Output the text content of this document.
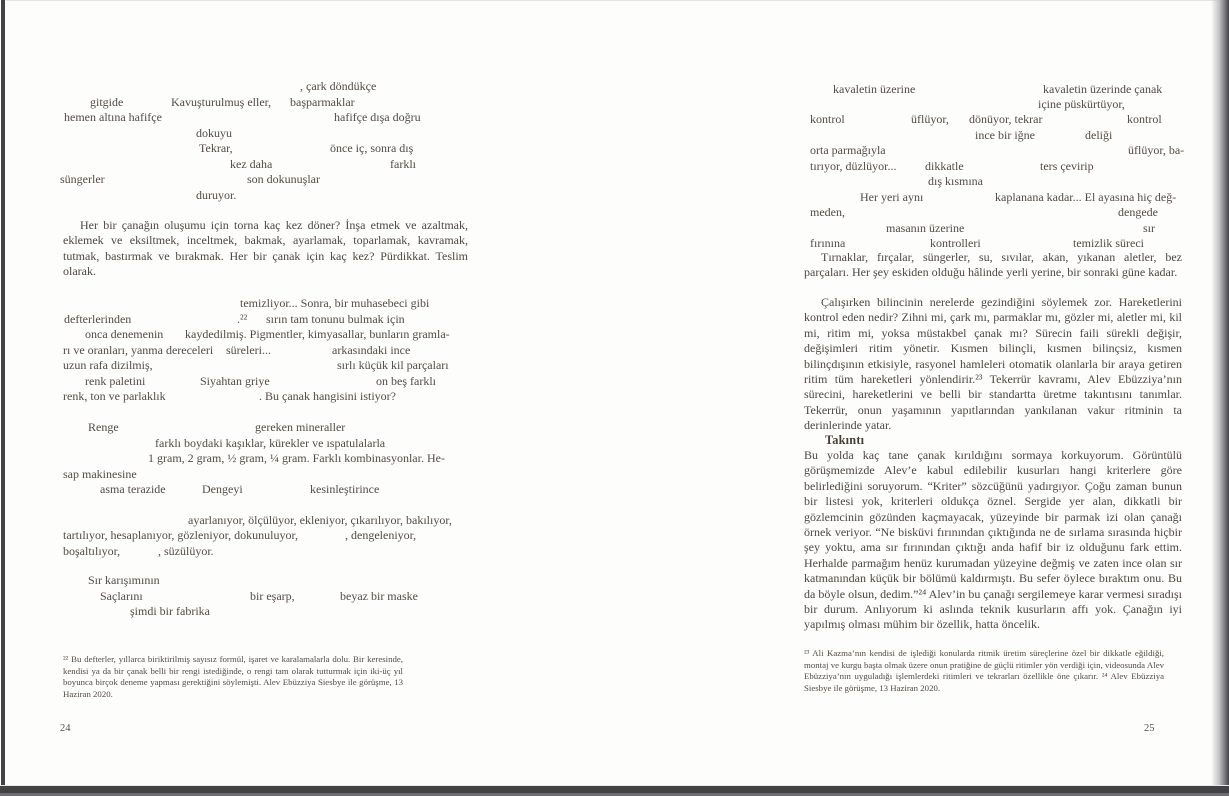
24	25
, çark döndükçe
gitgide	Kavuşturulmuş eller, başparmaklar
hemen altına hafifçe	hafifçe dışa doğru
dokuyu
Tekrar,	önce iç, sonra dış
kez daha	farklı
süngerler	son dokunuşlar
duruyor.
Her bir çanağın oluşumu için torna kaç kez döner? İnşa etmek ve azaltmak, eklemek ve eksiltmek, inceltmek, bakmak, ayarlamak, toparlamak, kavramak, tutmak, bastırmak ve bırakmak. Her bir çanak için kaç kez? Pürdikkat. Teslim olarak.
temizliyor... Sonra, bir muhasebeci gibi
defterlerinden	.²² sırın tam tonunu bulmak için
onca denemenin kaydedilmiş. Pigmentler, kimyasallar, bunların gramla-
rı ve oranları, yanma dereceleri süreleri...	arkasındaki ince
uzun rafa dizilmiş,	sırlı küçük kil parçaları
renk paletini	Siyahtan griye	on beş farklı
renk, ton ve parlaklık	. Bu çanak hangisini istiyor?
Renge	gereken mineraller
farklı boydaki kaşıklar, kürekler ve ıspatulalarla
1 gram, 2 gram, ½ gram, ¼ gram. Farklı kombinasyonlar. He-
sap makinesine
asma terazide	Dengeyi	kesinleştirince
ayarlanıyor, ölçülüyor, ekleniyor, çıkarılıyor, bakılıyor,
tartılıyor, hesaplanıyor, gözleniyor, dokunuluyor,	, dengeleniyor,
boşaltılıyor,	, süzülüyor.
Sır karışımının
Saçlarını	bir eşarp,	beyaz bir maske
şimdi bir fabrika
²² Bu defterler, yıllarca biriktirilmiş sayısız formül, işaret ve karalamalarla dolu. Bir keresinde, kendisi ya da bir çanak belli bir rengi istediğinde, o rengi tam olarak tutturmak için iki-üç yıl boyunca birçok deneme yapması gerektiğini söylemişti. Alev Ebüzziya Siesbye ile görüşme, 13 Haziran 2020.
kavaletin üzerine	kavaletin üzerinde çanak
içine püskürtüyor,
kontrol	üflüyor, dönüyor, tekrar	kontrol
ince bir iğne	deliği
orta parmağıyla	üflüyor, ba-
tırıyor, düzlüyor... dikkatle	ters çevirip
dış kısmına
Her yeri aynı	kaplanana kadar... El ayasına hiç değ-
meden,	dengede
masanın üzerine	sır
fırınına	kontrolleri	temizlik süreci
Tırnaklar, fırçalar, süngerler, su, sıvılar, akan, yıkanan aletler, bez parçaları. Her şey eskiden olduğu hâlinde yerli yerine, bir sonraki güne kadar.
Çalışırken bilincinin nerelerde gezindiğini söylemek zor. Hareketlerini kontrol eden nedir? Zihni mi, çark mı, parmaklar mı, gözler mi, aletler mi, kil mi, ritim mi, yoksa müstakbel çanak mı? Sürecin faili sürekli değişir, değişimleri ritim yönetir. Kısmen bilinçli, kısmen bilinçsiz, kısmen bilinçdışının etkisiyle, rasyonel hamleleri otomatik olanlarla bir araya getiren ritim tüm hareketleri yönlendirir.²³ Tekerrür kavramı, Alev Ebüzziya’nın sürecini, hareketlerini ve belli bir standartta üretme takıntısını tanımlar. Tekerrür, onun yaşamının yapıtlarından yankılanan vakur ritminin ta derinlerinde yatar.
Takıntı
Bu yolda kaç tane çanak kırıldığını sormaya korkuyorum. Görüntülü görüşmemizde Alev’e kabul edilebilir kusurları hangi kriterlere göre belirlediğini soruyorum. “Kriter” sözcüğünü yadırgıyor. Çoğu zaman bunun bir listesi yok, kriterleri oldukça öznel. Sergide yer alan, dikkatli bir gözlemcinin gözünden kaçmayacak, yüzeyinde bir parmak izi olan çanağı örnek veriyor. “Ne bisküvi fırınından çıktığında ne de sırlama sırasında hiçbir şey yoktu, ama sır fırınından çıktığı anda hafif bir iz olduğunu fark ettim. Herhalde parmağım henüz kurumadan yüzeyine değmiş ve zaten ince olan sır katmanından küçük bir bölümü kaldırmıştı. Bu sefer öylece bıraktım onu. Bu da böyle olsun, dedim.”²⁴ Alev’in bu çanağı sergilemeye karar vermesi sıradışı bir durum. Anlıyorum ki aslında teknik kusurların affı yok. Çanağın iyi yapılmış olması mühim bir özellik, hatta öncelik.
²³ Ali Kazma’nın kendisi de işlediği konularda ritmik üretim süreçlerine özel bir dikkatle eğildiği, montaj ve kurgu başta olmak üzere onun pratiğine de güçlü ritimler yön verdiği için, videosunda Alev Ebüzziya’nın uyguladığı işlemlerdeki ritimleri ve tekrarları özellikle öne çıkarır. ²⁴ Alev Ebüzziya Siesbye ile görüşme, 13 Haziran 2020.
